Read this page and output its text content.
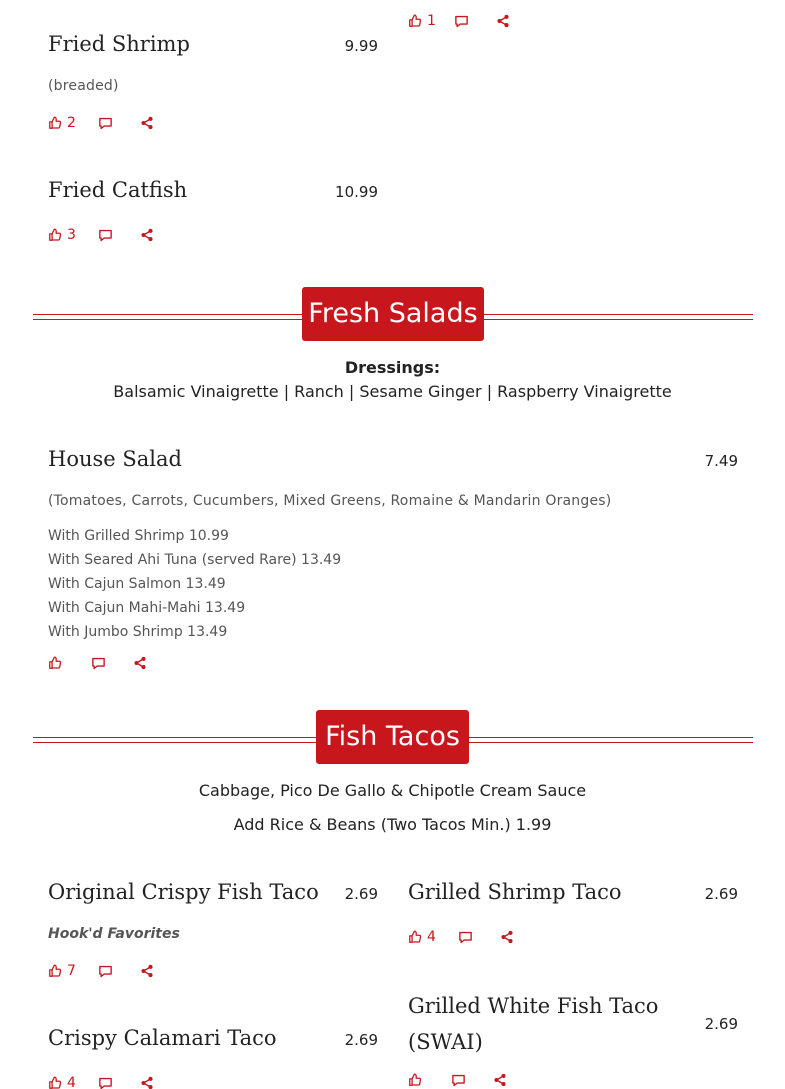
1
Fried Shrimp	9.99
(breaded)
2
Fried Catfish	10.99
3
Fresh Salads
Dressings:
Balsamic Vinaigrette | Ranch | Sesame Ginger | Raspberry Vinaigrette
House Salad	7.49
(Tomatoes, Carrots, Cucumbers, Mixed Greens, Romaine & Mandarin Oranges)
With Grilled Shrimp 10.99
With Seared Ahi Tuna (served Rare) 13.49
With Cajun Salmon 13.49
With Cajun Mahi-Mahi 13.49
With Jumbo Shrimp 13.49
Fish Tacos
Cabbage, Pico De Gallo & Chipotle Cream Sauce
Add Rice & Beans (Two Tacos Min.) 1.99
Original Crispy Fish Taco	2.69
Hook'd Favorites
7
Grilled Shrimp Taco	2.69
4
Crispy Calamari Taco	2.69
4
Grilled White Fish Taco (SWAI)
2.69
